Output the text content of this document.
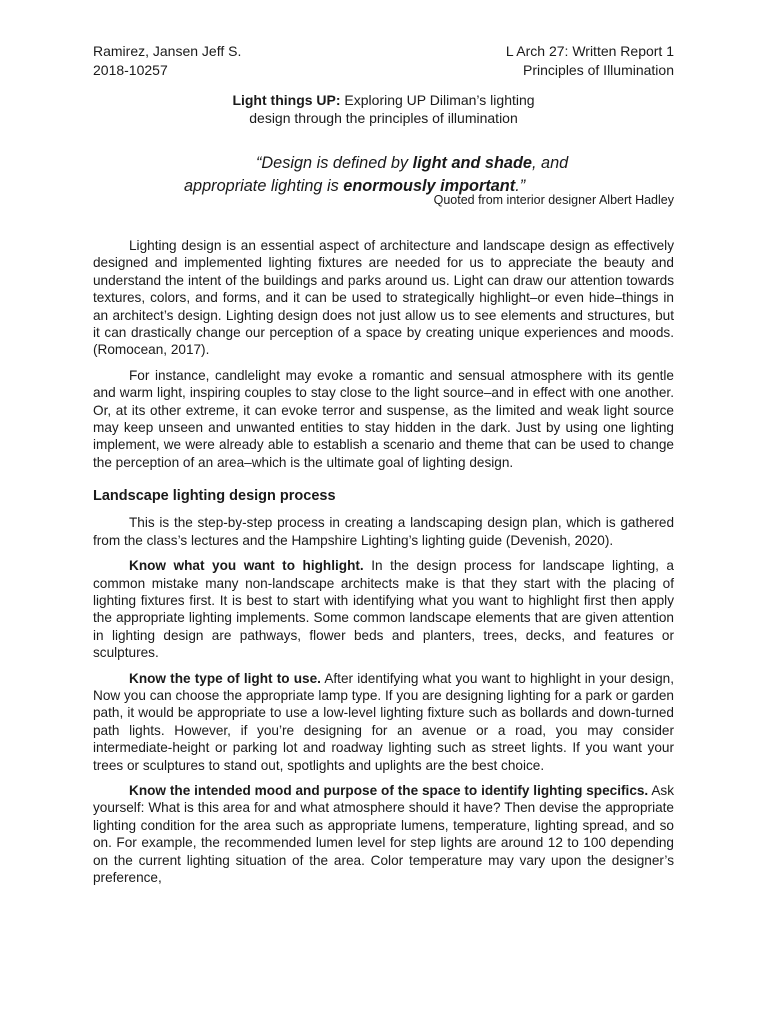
Ramirez, Jansen Jeff S.
2018-10257
L Arch 27: Written Report 1
Principles of Illumination
Light things UP: Exploring UP Diliman’s lighting
design through the principles of illumination
“Design is defined by light and shade, and
appropriate lighting is enormously important.”
Quoted from interior designer Albert Hadley

Lighting design is an essential aspect of architecture and landscape design as effectively designed and implemented lighting fixtures are needed for us to appreciate the beauty and understand the intent of the buildings and parks around us. Light can draw our attention towards textures, colors, and forms, and it can be used to strategically highlight–or even hide–things in an architect’s design. Lighting design does not just allow us to see elements and structures, but it can drastically change our perception of a space by creating unique experiences and moods. (Romocean, 2017).

For instance, candlelight may evoke a romantic and sensual atmosphere with its gentle and warm light, inspiring couples to stay close to the light source–and in effect with one another. Or, at its other extreme, it can evoke terror and suspense, as the limited and weak light source may keep unseen and unwanted entities to stay hidden in the dark. Just by using one lighting implement, we were already able to establish a scenario and theme that can be used to change the perception of an area–which is the ultimate goal of lighting design.

Landscape lighting design process

This is the step-by-step process in creating a landscaping design plan, which is gathered from the class’s lectures and the Hampshire Lighting’s lighting guide (Devenish, 2020).

Know what you want to highlight. In the design process for landscape lighting, a common mistake many non-landscape architects make is that they start with the placing of lighting fixtures first. It is best to start with identifying what you want to highlight first then apply the appropriate lighting implements. Some common landscape elements that are given attention in lighting design are pathways, flower beds and planters, trees, decks, and features or sculptures.

Know the type of light to use. After identifying what you want to highlight in your design, Now you can choose the appropriate lamp type. If you are designing lighting for a park or garden path, it would be appropriate to use a low-level lighting fixture such as bollards and down-turned path lights. However, if you’re designing for an avenue or a road, you may consider intermediate-height or parking lot and roadway lighting such as street lights. If you want your trees or sculptures to stand out, spotlights and uplights are the best choice.

Know the intended mood and purpose of the space to identify lighting specifics. Ask yourself: What is this area for and what atmosphere should it have? Then devise the appropriate lighting condition for the area such as appropriate lumens, temperature, lighting spread, and so on. For example, the recommended lumen level for step lights are around 12 to 100 depending on the current lighting situation of the area. Color temperature may vary upon the designer’s preference,
